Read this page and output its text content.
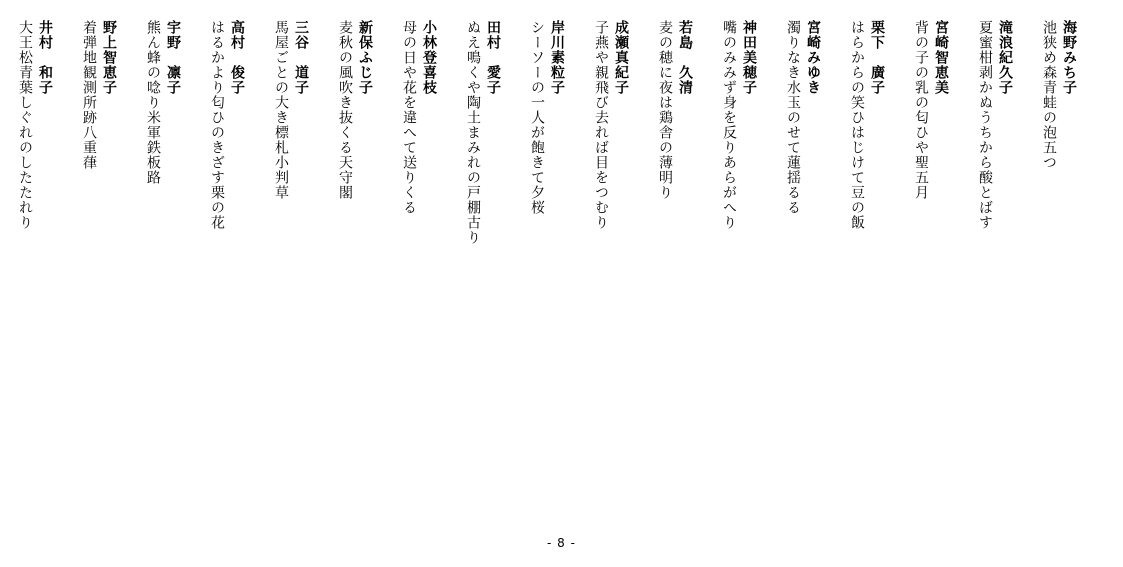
海野みち子
池狭め森青蛙の泡五つ
滝浪紀久子
夏蜜柑剥かぬうちから酸とばす
宮崎智恵美
背の子の乳の匂ひや聖五月
栗下　廣子
はらからの笑ひはじけて豆の飯
宮崎みゆき
濁りなき水玉のせて蓮揺るる
神田美穂子
嘴のみみず身を反りあらがへり
若島　久清
麦の穂に夜は鶏舎の薄明り
成瀬真紀子
子燕や親飛び去れば目をつむり
岸川素粒子
シーソーの一人が飽きて夕桜
田村　愛子
ぬえ鳴くや陶土まみれの戸棚古り
小林登喜枝
母の日や花を違へて送りくる
新保ふじ子
麦秋の風吹き抜くる天守閣
三谷　道子
馬屋ごとの大き標札小判草
高村　俊子
はるかより匂ひのきざす栗の花
宇野　凛子
熊ん蜂の唸り米軍鉄板路
野上智恵子
着弾地観測所跡八重葎
井村　和子
大王松青葉しぐれのしたたれり
- 8 -
